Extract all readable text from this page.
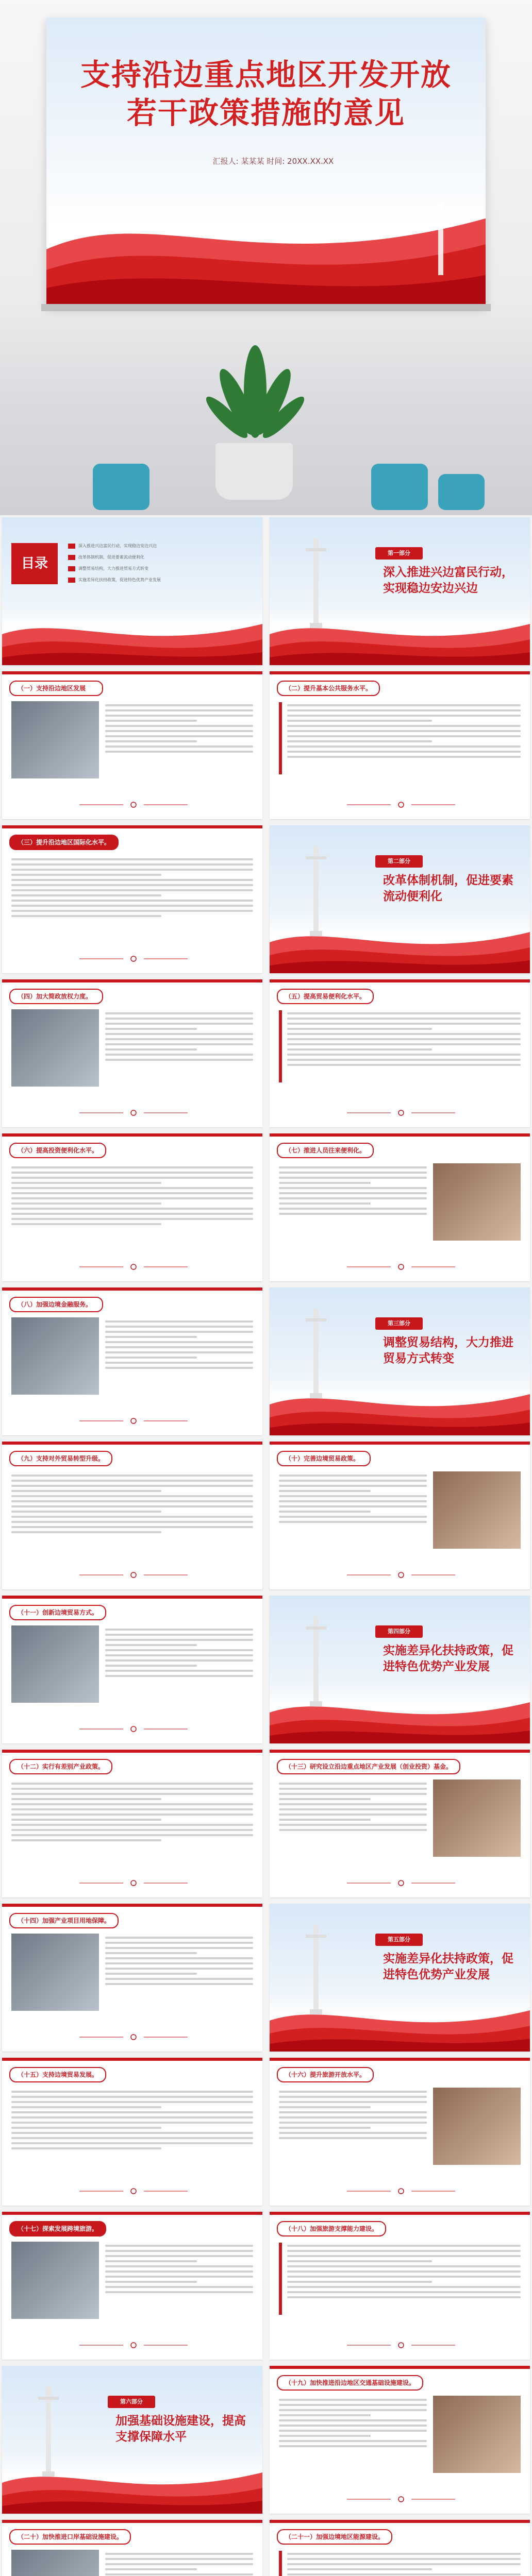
支持沿边重点地区开发开放
若干政策措施的意见
汇报人: 某某某 时间: 20XX.XX.XX
目录
深入推进兴边富民行动，实现稳边安边兴边
改革体制机制，促进要素流动便利化
调整贸易结构，大力推进贸易方式转变
实施差异化扶持政策，促进特色优势产业发展
第一部分
深入推进兴边富民行动，实现稳边安边兴边
（一）支持沿边地区发展	（二）提升基本公共服务水平。
（三）提升沿边地区国际化水平。
第二部分
改革体制机制，促进要素流动便利化
（四）加大简政放权力度。	（五）提高贸易便利化水平。
（六）提高投资便利化水平。	（七）推进人员往来便利化。
（八）加强边境金融服务。
第三部分
调整贸易结构，大力推进贸易方式转变
（九）支持对外贸易转型升级。	（十）完善边境贸易政策。
（十一）创新边境贸易方式。
第四部分
实施差异化扶持政策，促进特色优势产业发展
（十二）实行有差别产业政策。	（十三）研究设立沿边重点地区产业发展（创业投资）基金。
（十四）加强产业项目用地保障。
第五部分
实施差异化扶持政策，促进特色优势产业发展
（十五）支持边境贸易发展。	（十六）提升旅游开放水平。
（十七）探索发展跨境旅游。	（十八）加强旅游支撑能力建设。
第六部分
加强基础设施建设，提高支撑保障水平
（十九）加快推进沿边地区交通基础设施建设。
（二十）加快推进口岸基础设施建设。	（二十一）加强边境地区能源建设。
